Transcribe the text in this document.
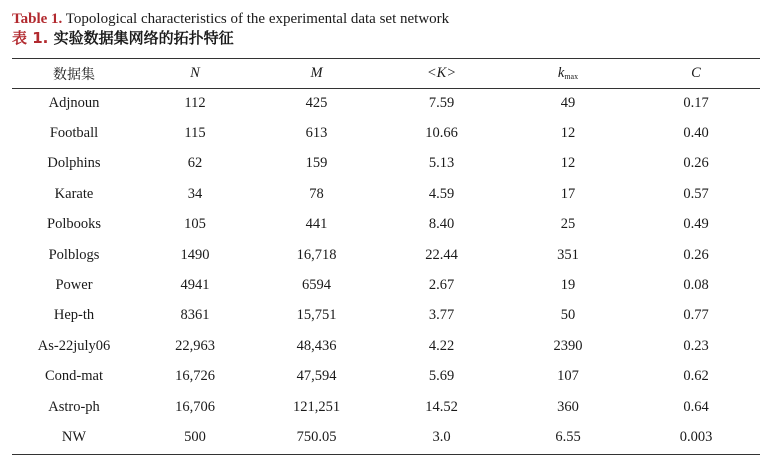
Table 1. Topological characteristics of the experimental data set network
表 1. 实验数据集网络的拓扑特征
数据集	N	M	<K>	$k_{max}$	C
Adjnoun	112	425	7.59	49	0.17
Football	115	613	10.66	12	0.40
Dolphins	62	159	5.13	12	0.26
Karate	34	78	4.59	17	0.57
Polbooks	105	441	8.40	25	0.49
Polblogs	1490	16,718	22.44	351	0.26
Power	4941	6594	2.67	19	0.08
Hep-th	8361	15,751	3.77	50	0.77
As-22july06	22,963	48,436	4.22	2390	0.23
Cond-mat	16,726	47,594	5.69	107	0.62
Astro-ph	16,706	121,251	14.52	360	0.64
NW	500	750.05	3.0	6.55	0.003
